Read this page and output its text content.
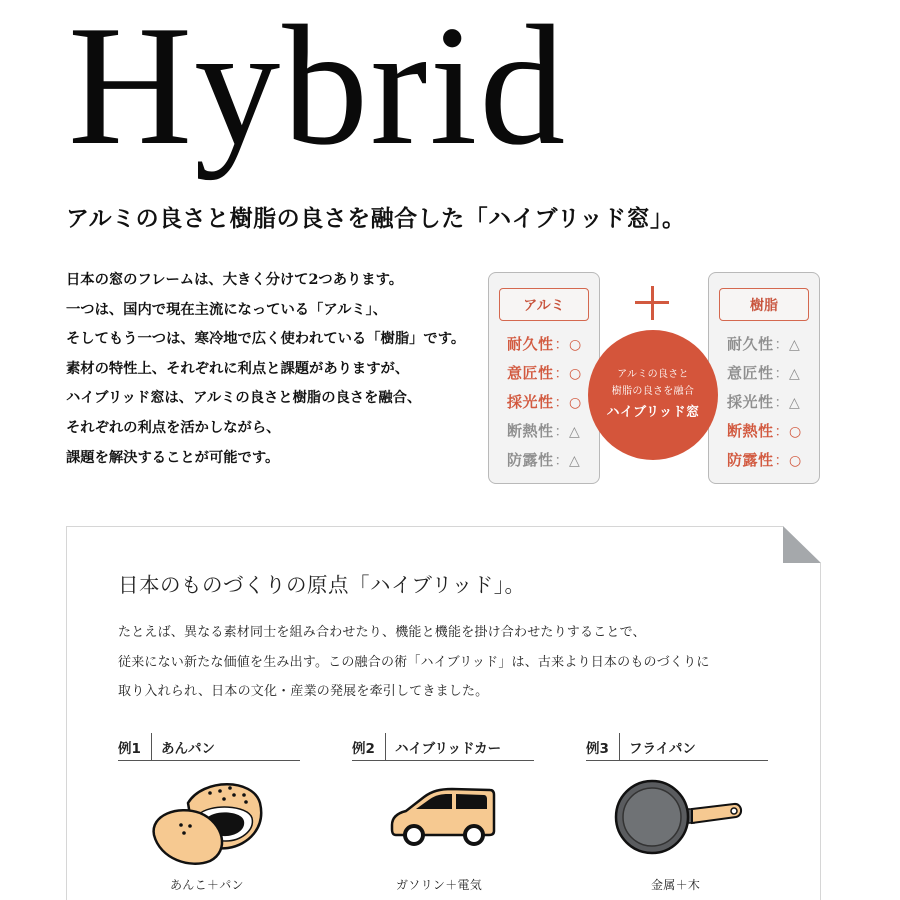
Hybrid
アルミの良さと樹脂の良さを融合した「ハイブリッド窓」。
日本の窓のフレームは、大きく分けて2つあります。
一つは、国内で現在主流になっている「アルミ」、
そしてもう一つは、寒冷地で広く使われている「樹脂」です。
素材の特性上、それぞれに利点と課題がありますが、
ハイブリッド窓は、アルミの良さと樹脂の良さを融合、
それぞれの利点を活かしながら、
課題を解決することが可能です。
アルミ
耐久性：○
意匠性：○
採光性：○
断熱性：△
防露性：△
樹脂
耐久性：△
意匠性：△
採光性：△
断熱性：○
防露性：○
アルミの良さと
樹脂の良さを融合
ハイブリッド窓
日本のものづくりの原点「ハイブリッド」。
たとえば、異なる素材同士を組み合わせたり、機能と機能を掛け合わせたりすることで、
従来にない新たな価値を生み出す。この融合の術「ハイブリッド」は、古来より日本のものづくりに
取り入れられ、日本の文化・産業の発展を牽引してきました。
例1 あんパン
あんこ＋パン
例2 ハイブリッドカー
ガソリン＋電気
例3 フライパン
金属＋木
